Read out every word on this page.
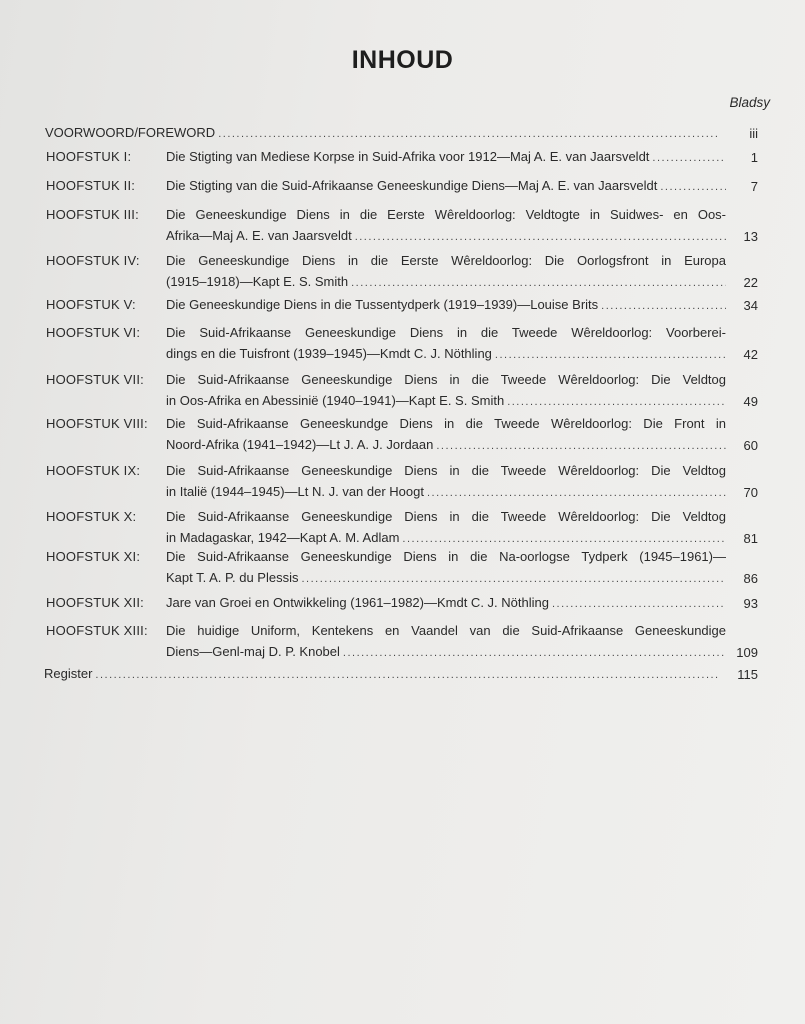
INHOUD
Bladsy
VOORWOORD/FOREWORD .....	iii
HOOFSTUK I:	Die Stigting van Mediese Korpse in Suid-Afrika voor 1912—Maj A. E. van Jaarsveldt .....	1
HOOFSTUK II: Die Stigting van die Suid-Afrikaanse Geneeskundige Diens—Maj A. E. van Jaarsveldt .....	7
HOOFSTUK III: Die Geneeskundige Diens in die Eerste Wêreldoorlog: Veldtogte in Suidwes- en Oos-
Afrika—Maj A. E. van Jaarsveldt .....	13
HOOFSTUK IV: Die Geneeskundige Diens in die Eerste Wêreldoorlog: Die Oorlogsfront in Europa
(1915–1918)—Kapt E. S. Smith .....	22
HOOFSTUK V: Die Geneeskundige Diens in die Tussentydperk (1919–1939)—Louise Brits .....	34
HOOFSTUK VI: Die Suid-Afrikaanse Geneeskundige Diens in die Tweede Wêreldoorlog: Voorberei-
dings en die Tuisfront (1939–1945)—Kmdt C. J. Nöthling .....	42
HOOFSTUK VII: Die Suid-Afrikaanse Geneeskundige Diens in die Tweede Wêreldoorlog: Die Veldtog
in Oos-Afrika en Abessinië (1940–1941)—Kapt E. S. Smith .....	49
HOOFSTUK VIII: Die Suid-Afrikaanse Geneeskundge Diens in die Tweede Wêreldoorlog: Die Front in
Noord-Afrika (1941–1942)—Lt J. A. J. Jordaan .....	60
HOOFSTUK IX: Die Suid-Afrikaanse Geneeskundige Diens in die Tweede Wêreldoorlog: Die Veldtog
in Italië (1944–1945)—Lt N. J. van der Hoogt .....	70
HOOFSTUK X: Die Suid-Afrikaanse Geneeskundige Diens in die Tweede Wêreldoorlog: Die Veldtog
in Madagaskar, 1942—Kapt A. M. Adlam .....	81
HOOFSTUK XI: Die Suid-Afrikaanse Geneeskundige Diens in die Na-oorlogse Tydperk (1945–1961)—
Kapt T. A. P. du Plessis .....	86
HOOFSTUK XII: Jare van Groei en Ontwikkeling (1961–1982)—Kmdt C. J. Nöthling .....	93
HOOFSTUK XIII: Die huidige Uniform, Kentekens en Vaandel van die Suid-Afrikaanse Geneeskundige
Diens—Genl-maj D. P. Knobel .....	109
Register .....	115
